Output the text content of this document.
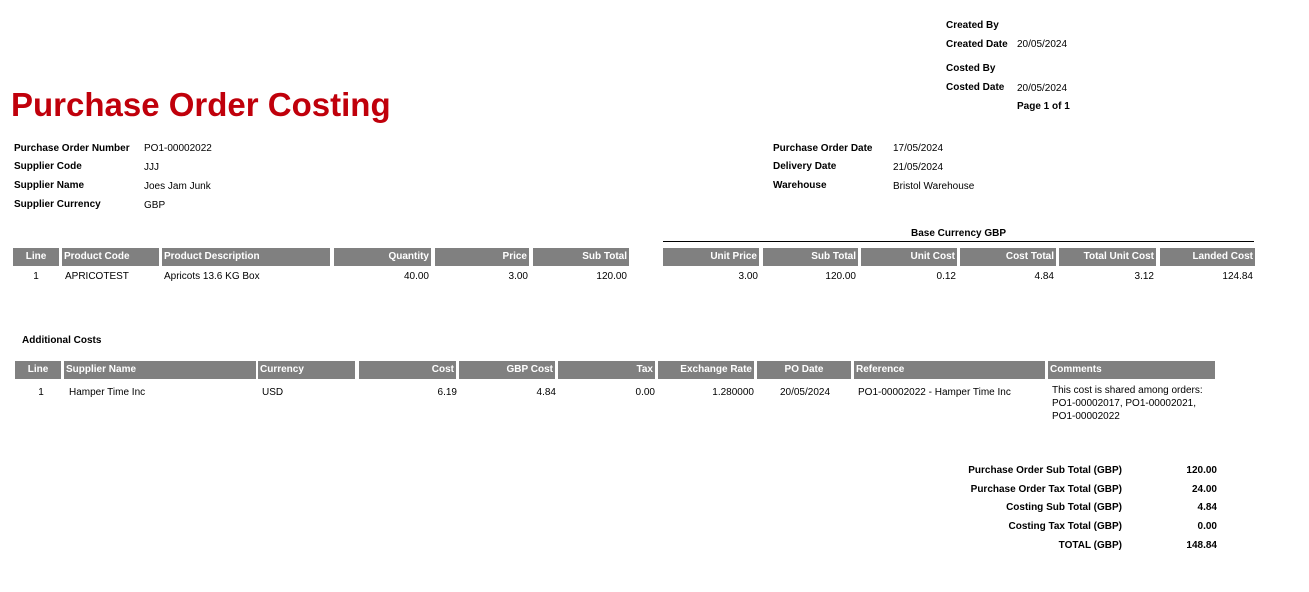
Created By
Created Date 20/05/2024
Costed By
Costed Date 20/05/2024
Page 1 of 1
Purchase Order Costing
Purchase Order Number PO1-00002022
Supplier Code	JJJ
Supplier Name	Joes Jam Junk
Supplier Currency	GBP
Purchase Order Date 17/05/2024
Delivery Date	21/05/2024
Warehouse	Bristol Warehouse
Base Currency GBP
Line	Product Code	Product Description	Quantity	Price	Sub Total	Unit Price	Sub Total	Unit Cost	Cost Total	Total Unit Cost	Landed Cost
1	APRICOTEST	Apricots 13.6 KG Box	40.00	3.00	120.00	3.00	120.00	0.12	4.84	3.12	124.84
Additional Costs
Line	Supplier Name	Currency	Cost	GBP Cost	Tax	Exchange Rate	PO Date	Reference	Comments
1	Hamper Time Inc	USD	6.19	4.84	0.00	1.280000	20/05/2024	PO1-00002022 - Hamper Time Inc	This cost is shared among orders:
PO1-00002017, PO1-00002021,
PO1-00002022
Purchase Order Sub Total (GBP)	120.00
Purchase Order Tax Total (GBP)	24.00
Costing Sub Total (GBP)	4.84
Costing Tax Total (GBP)	0.00
TOTAL (GBP)	148.84
